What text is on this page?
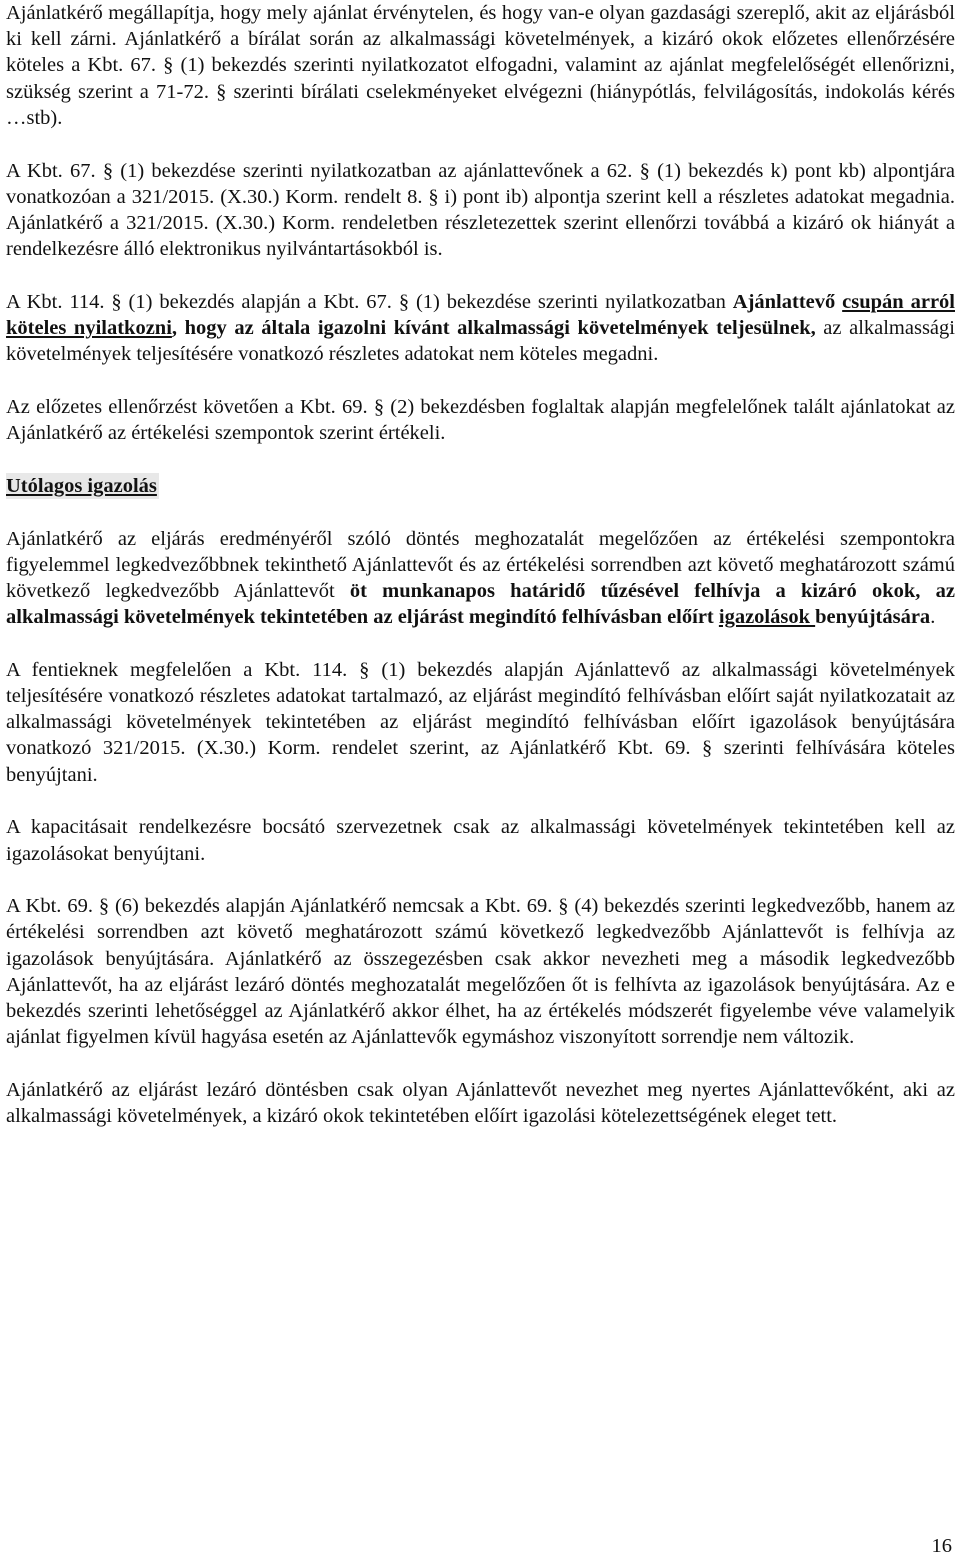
Ajánlatkérő megállapítja, hogy mely ajánlat érvénytelen, és hogy van-e olyan gazdasági szereplő, akit az eljárásból ki kell zárni. Ajánlatkérő a bírálat során az alkalmassági követelmények, a kizáró okok előzetes ellenőrzésére köteles a Kbt. 67. § (1) bekezdés szerinti nyilatkozatot elfogadni, valamint az ajánlat megfelelőségét ellenőrizni, szükség szerint a 71-72. § szerinti bírálati cselekményeket elvégezni (hiánypótlás, felvilágosítás, indokolás kérés …stb).

A Kbt. 67. § (1) bekezdése szerinti nyilatkozatban az ajánlattevőnek a 62. § (1) bekezdés k) pont kb) alpontjára vonatkozóan a 321/2015. (X.30.) Korm. rendelt 8. § i) pont ib) alpontja szerint kell a részletes adatokat megadnia. Ajánlatkérő a 321/2015. (X.30.) Korm. rendeletben részletezettek szerint ellenőrzi továbbá a kizáró ok hiányát a rendelkezésre álló elektronikus nyilvántartásokból is.

A Kbt. 114. § (1) bekezdés alapján a Kbt. 67. § (1) bekezdése szerinti nyilatkozatban Ajánlattevő csupán arról köteles nyilatkozni, hogy az általa igazolni kívánt alkalmassági követelmények teljesülnek, az alkalmassági követelmények teljesítésére vonatkozó részletes adatokat nem köteles megadni.

Az előzetes ellenőrzést követően a Kbt. 69. § (2) bekezdésben foglaltak alapján megfelelőnek talált ajánlatokat az Ajánlatkérő az értékelési szempontok szerint értékeli.

Utólagos igazolás

Ajánlatkérő az eljárás eredményéről szóló döntés meghozatalát megelőzően az értékelési szempontokra figyelemmel legkedvezőbbnek tekinthető Ajánlattevőt és az értékelési sorrendben azt követő meghatározott számú következő legkedvezőbb Ajánlattevőt öt munkanapos határidő tűzésével felhívja a kizáró okok, az alkalmassági követelmények tekintetében az eljárást megindító felhívásban előírt igazolások benyújtására.

A fentieknek megfelelően a Kbt. 114. § (1) bekezdés alapján Ajánlattevő az alkalmassági követelmények teljesítésére vonatkozó részletes adatokat tartalmazó, az eljárást megindító felhívásban előírt saját nyilatkozatait az alkalmassági követelmények tekintetében az eljárást megindító felhívásban előírt igazolások benyújtására vonatkozó 321/2015. (X.30.) Korm. rendelet szerint, az Ajánlatkérő Kbt. 69. § szerinti felhívására köteles benyújtani.

A kapacitásait rendelkezésre bocsátó szervezetnek csak az alkalmassági követelmények tekintetében kell az igazolásokat benyújtani.

A Kbt. 69. § (6) bekezdés alapján Ajánlatkérő nemcsak a Kbt. 69. § (4) bekezdés szerinti legkedvezőbb, hanem az értékelési sorrendben azt követő meghatározott számú következő legkedvezőbb Ajánlattevőt is felhívja az igazolások benyújtására. Ajánlatkérő az összegezésben csak akkor nevezheti meg a második legkedvezőbb Ajánlattevőt, ha az eljárást lezáró döntés meghozatalát megelőzően őt is felhívta az igazolások benyújtására. Az e bekezdés szerinti lehetőséggel az Ajánlatkérő akkor élhet, ha az értékelés módszerét figyelembe véve valamelyik ajánlat figyelmen kívül hagyása esetén az Ajánlattevők egymáshoz viszonyított sorrendje nem változik.

Ajánlatkérő az eljárást lezáró döntésben csak olyan Ajánlattevőt nevezhet meg nyertes Ajánlattevőként, aki az alkalmassági követelmények, a kizáró okok tekintetében előírt igazolási kötelezettségének eleget tett.

16
